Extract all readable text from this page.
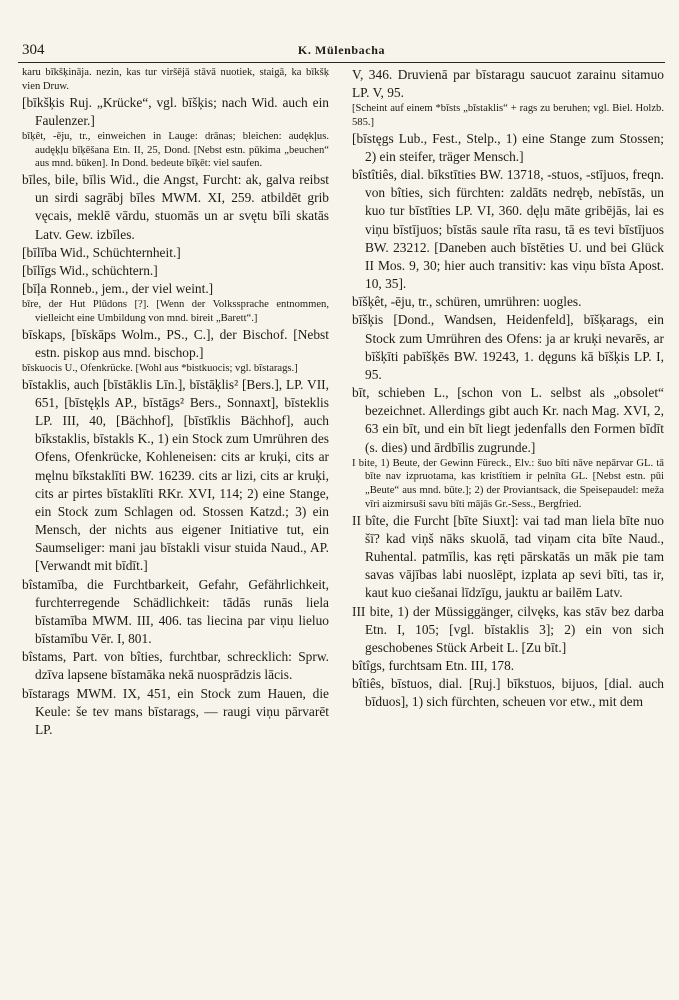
304	K. Mülenbacha

karu bīkšķināja. nezin, kas tur viršējā stāvā nuotiek, staigā, ka bīkšķ vien Druw.

[bīkšķis Ruj. „Krücke“, vgl. bīšķis; nach Wid. auch ein Faulenzer.]

bīķêt, -ēju, tr., einweichen in Lauge: drānas; bleichen: audękļus. audęķļu bīķēšana Etn. II, 25, Dond. [Nebst estn. pūkima „beuchen“ aus mnd. būken]. In Dond. bedeute bīķēt: viel saufen.

bīles, bile, bīlis Wid., die Angst, Furcht: ak, galva reibst un sirdi sagrābj bīles MWM. XI, 259. atbildēt grib vęcais, meklē vārdu, stuomās un ar svętu bīli skatās Latv. Gew. izbīles.

[bīlība Wid., Schüchternheit.]

[bīlīgs Wid., schüchtern.]

[bīļa Ronneb., jem., der viel weint.]

bīre, der Hut Plūdons [?]. [Wenn der Volkssprache entnommen, vielleicht eine Umbildung von mnd. bireit „Barett“.]

bīskaps, [bīskāps Wolm., PS., C.], der Bischof. [Nebst estn. piskop aus mnd. bischop.]

bīskuocis U., Ofenkrücke. [Wohl aus *bistkuocis; vgl. bīstarags.]

bīstaklis, auch [bīstāklis Līn.], bīstāķlis² [Bers.], LP. VII, 651, [bīstęķls AP., bīstāgs² Bers., Sonnaxt], bīsteklis LP. III, 40, [Bächhof], [bīstīklis Bächhof], auch bīkstaklis, bīstakls K., 1) ein Stock zum Umrühren des Ofens, Ofenkrücke, Kohleneisen: cits ar kruķi, cits ar męlnu bīkstaklīti BW. 16239. cits ar lizi, cits ar kruķi, cits ar pirtes bīstaklīti RKr. XVI, 114; 2) eine Stange, ein Stock zum Schlagen od. Stossen Katzd.; 3) ein Mensch, der nichts aus eigener Initiative tut, ein Saumseliger: mani jau bīstakli visur stuida Naud., AP. [Verwandt mit bīdīt.]

bîstamība, die Furchtbarkeit, Gefahr, Gefährlichkeit, furchterregende Schädlichkeit: tādās runās liela bīstamība MWM. III, 406. tas liecina par viņu lieluo bīstamību Vēr. I, 801.

bîstams, Part. von bîties, furchtbar, schrecklich: Sprw. dzīva lapsene bīstamāka nekā nuosprādzis lācis.

bīstarags MWM. IX, 451, ein Stock zum Hauen, die Keule: še tev mans bīstarags, — raugi viņu pārvarēt LP.

V, 346. Druvienā par bīstaragu saucuot zarainu sitamuo LP. V, 95.

[Scheint auf einem *bīsts „bīstaklis“ + rags zu beruhen; vgl. Biel. Holzb. 585.]

[bīstęgs Lub., Fest., Stelp., 1) eine Stange zum Stossen; 2) ein steifer, träger Mensch.]

bîstîtiês, dial. bīkstīties BW. 13718, -stuos, -stījuos, freqn. von bîties, sich fürchten: zaldāts nedręb, nebīstās, un kuo tur bīstīties LP. VI, 360. dęļu māte gribējās, lai es viņu bīstījuos; bīstās saule rīta rasu, tā es tevi bīstījuos BW. 23212. [Daneben auch bīstēties U. und bei Glück II Mos. 9, 30; hier auch transitiv: kas viņu bīsta Apost. 10, 35].

bīšķêt, -ēju, tr., schüren, umrühren: uogles.

bīšķis [Dond., Wandsen, Heidenfeld], bīšķarags, ein Stock zum Umrühren des Ofens: ja ar kruķi nevarēs, ar bīšķīti pabīšķēs BW. 19243, 1. dęguns kā bīšķis LP. I, 95.

bīt, schieben L., [schon von L. selbst als „obsolet“ bezeichnet. Allerdings gibt auch Kr. nach Mag. XVI, 2, 63 ein bīt, und ein bīt liegt jedenfalls den Formen bīdīt (s. dies) und ārdbīlis zugrunde.]

I bite, 1) Beute, der Gewinn Füreck., Elv.: šuo bīti nāve nepārvar GL. tā bīte nav izpruotama, kas kristītiem ir pelnīta GL. [Nebst estn. pūi „Beute“ aus mnd. būte.]; 2) der Proviantsack, die Speisepaudel: meža vīri aizmirsuši savu bīti mājās Gr.-Sess., Bergfried.

II bîte, die Furcht [bīte Siuxt]: vai tad man liela bīte nuo šī? kad viņš nāks skuolā, tad viņam cita bīte Naud., Ruhental. patmīlis, kas ręti pārskatās un māk pie tam savas vājības labi nuoslēpt, izplata ap sevi bīti, tas ir, kaut kuo ciešanai līdzīgu, jauktu ar bailēm Latv.

III bite, 1) der Müssiggänger, cilvęks, kas stāv bez darba Etn. I, 105; [vgl. bīstaklis 3]; 2) ein von sich geschobenes Stück Arbeit L. [Zu bīt.]

bîtîgs, furchtsam Etn. III, 178.

bîtiês, bīstuos, dial. [Ruj.] bīkstuos, bijuos, [dial. auch bīduos], 1) sich fürchten, scheuen vor etw., mit dem
